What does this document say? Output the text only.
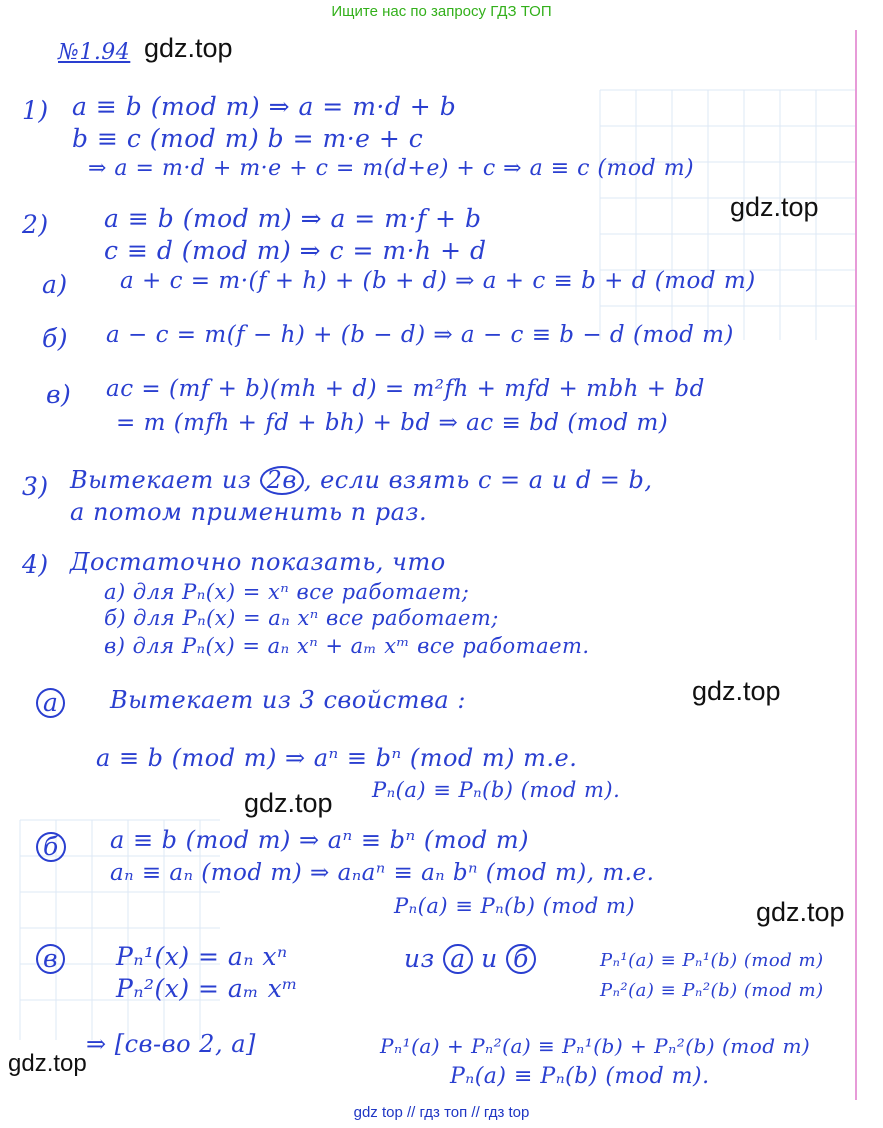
Ищите нас по запросу ГДЗ ТОП
gdz.top
gdz.top
gdz.top
gdz.top
gdz.top
gdz.top
№1.94
1) a ≡ b (mod m) ⇒ a = m·d + b
b ≡ c (mod m) b = m·e + c
⇒ a = m·d + m·e + c = m(d+e) + c ⇒ a ≡ c (mod m)
2) a ≡ b (mod m) ⇒ a = m·f + b
c ≡ d (mod m) ⇒ c = m·h + d
а) a + c = m·(f + h) + (b + d) ⇒ a + c ≡ b + d (mod m)
б) a − c = m(f − h) + (b − d) ⇒ a − c ≡ b − d (mod m)
в) ac = (mf + b)(mh + d) = m²fh + mfd + mbh + bd
= m (mfh + fd + bh) + bd ⇒ ac ≡ bd (mod m)
3) Вытекает из 2в , если взять c = a и d = b,
а потом применить n раз.
4) Достаточно показать, что
а) для Pₙ(x) = xⁿ все работает;
б) для Pₙ(x) = aₙ xⁿ все работает;
в) для Pₙ(x) = aₙ xⁿ + aₘ xᵐ все работает.
а Вытекает из 3 свойства :
a ≡ b (mod m) ⇒ aⁿ ≡ bⁿ (mod m) т.е.
Pₙ(a) ≡ Pₙ(b) (mod m).
б a ≡ b (mod m) ⇒ aⁿ ≡ bⁿ (mod m)
aₙ ≡ aₙ (mod m) ⇒ aₙaⁿ ≡ aₙ bⁿ (mod m), т.е.
Pₙ(a) ≡ Pₙ(b) (mod m)
в Pₙ¹(x) = aₙ xⁿ
Pₙ²(x) = aₘ xᵐ
из а и б	Pₙ¹(a) ≡ Pₙ¹(b) (mod m)
Pₙ²(a) ≡ Pₙ²(b) (mod m)
⇒ [св-во 2, а]	Pₙ¹(a) + Pₙ²(a) ≡ Pₙ¹(b) + Pₙ²(b) (mod m)
Pₙ(a) ≡ Pₙ(b) (mod m).
gdz top // гдз топ // гдз top
